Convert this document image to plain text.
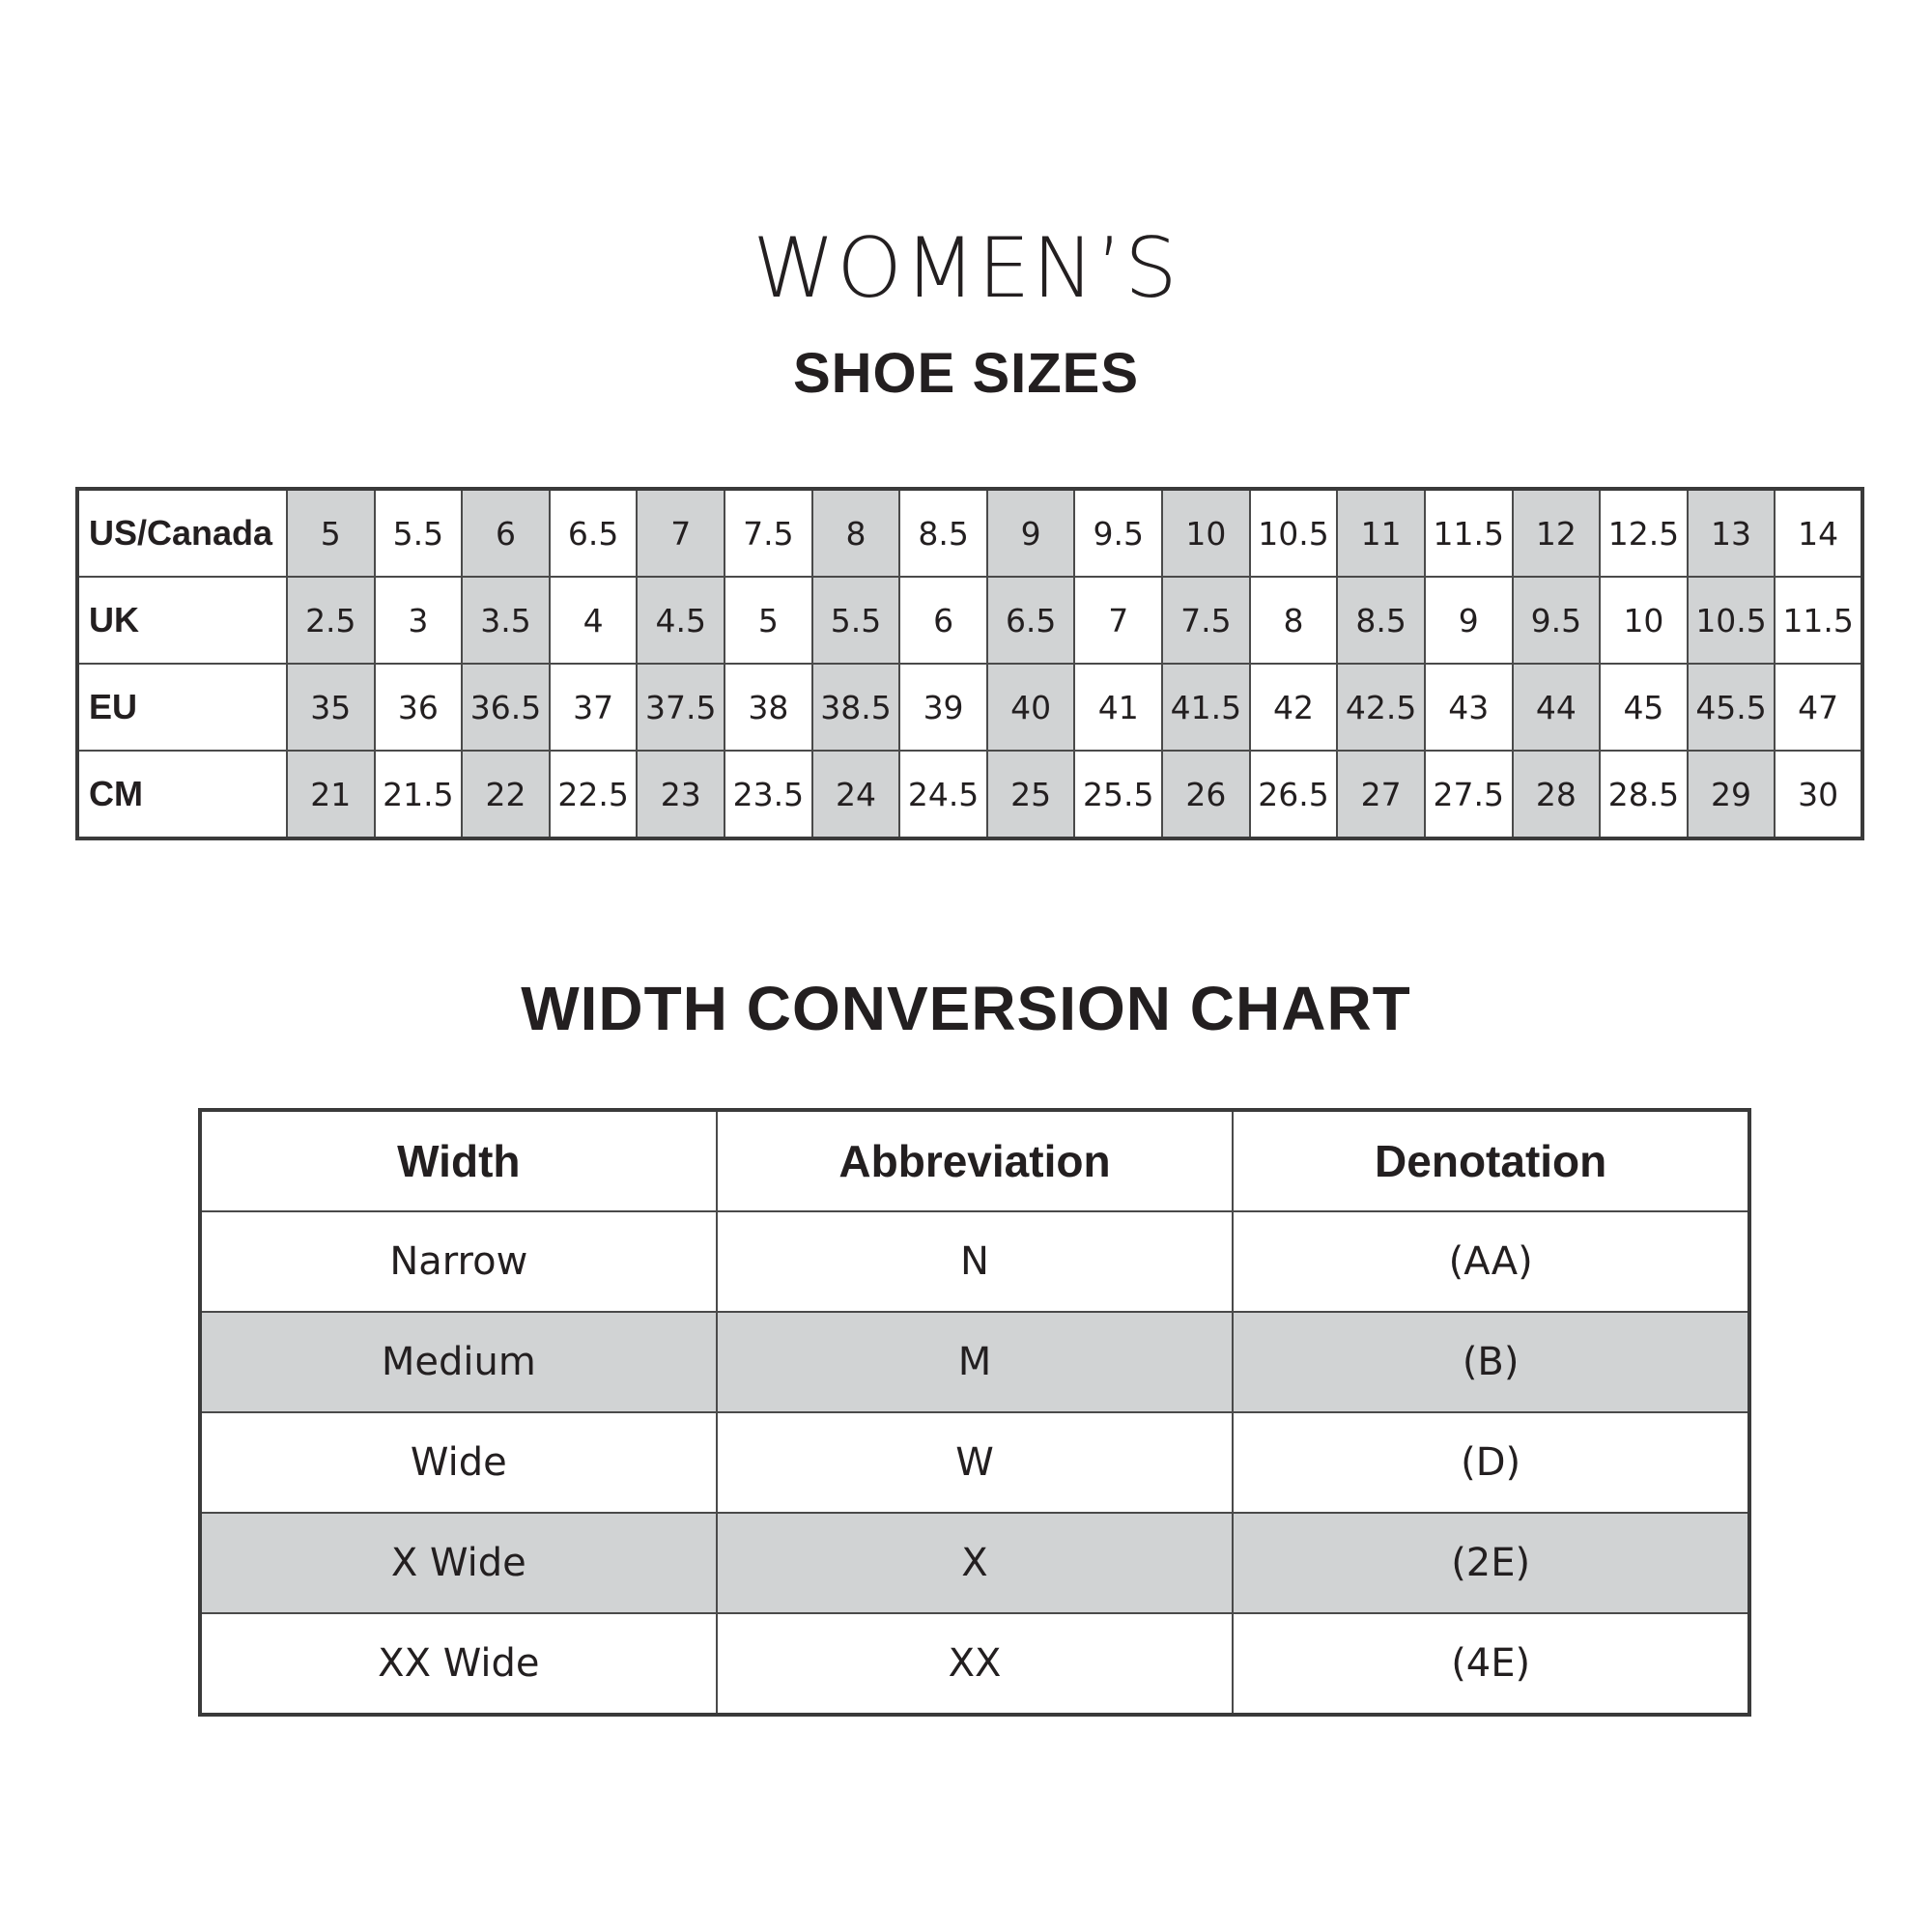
WOMEN’S
SHOE SIZES
US/Canada	5	5.5	6	6.5	7	7.5	8	8.5	9	9.5	10	10.5	11	11.5	12	12.5	13	14
UK	2.5	3	3.5	4	4.5	5	5.5	6	6.5	7	7.5	8	8.5	9	9.5	10	10.5	11.5
EU	35	36	36.5	37	37.5	38	38.5	39	40	41	41.5	42	42.5	43	44	45	45.5	47
CM	21	21.5	22	22.5	23	23.5	24	24.5	25	25.5	26	26.5	27	27.5	28	28.5	29	30
WIDTH CONVERSION CHART
Width	Abbreviation	Denotation
Narrow	N	(AA)
Medium	M	(B)
Wide	W	(D)
X Wide	X	(2E)
XX Wide	XX	(4E)
